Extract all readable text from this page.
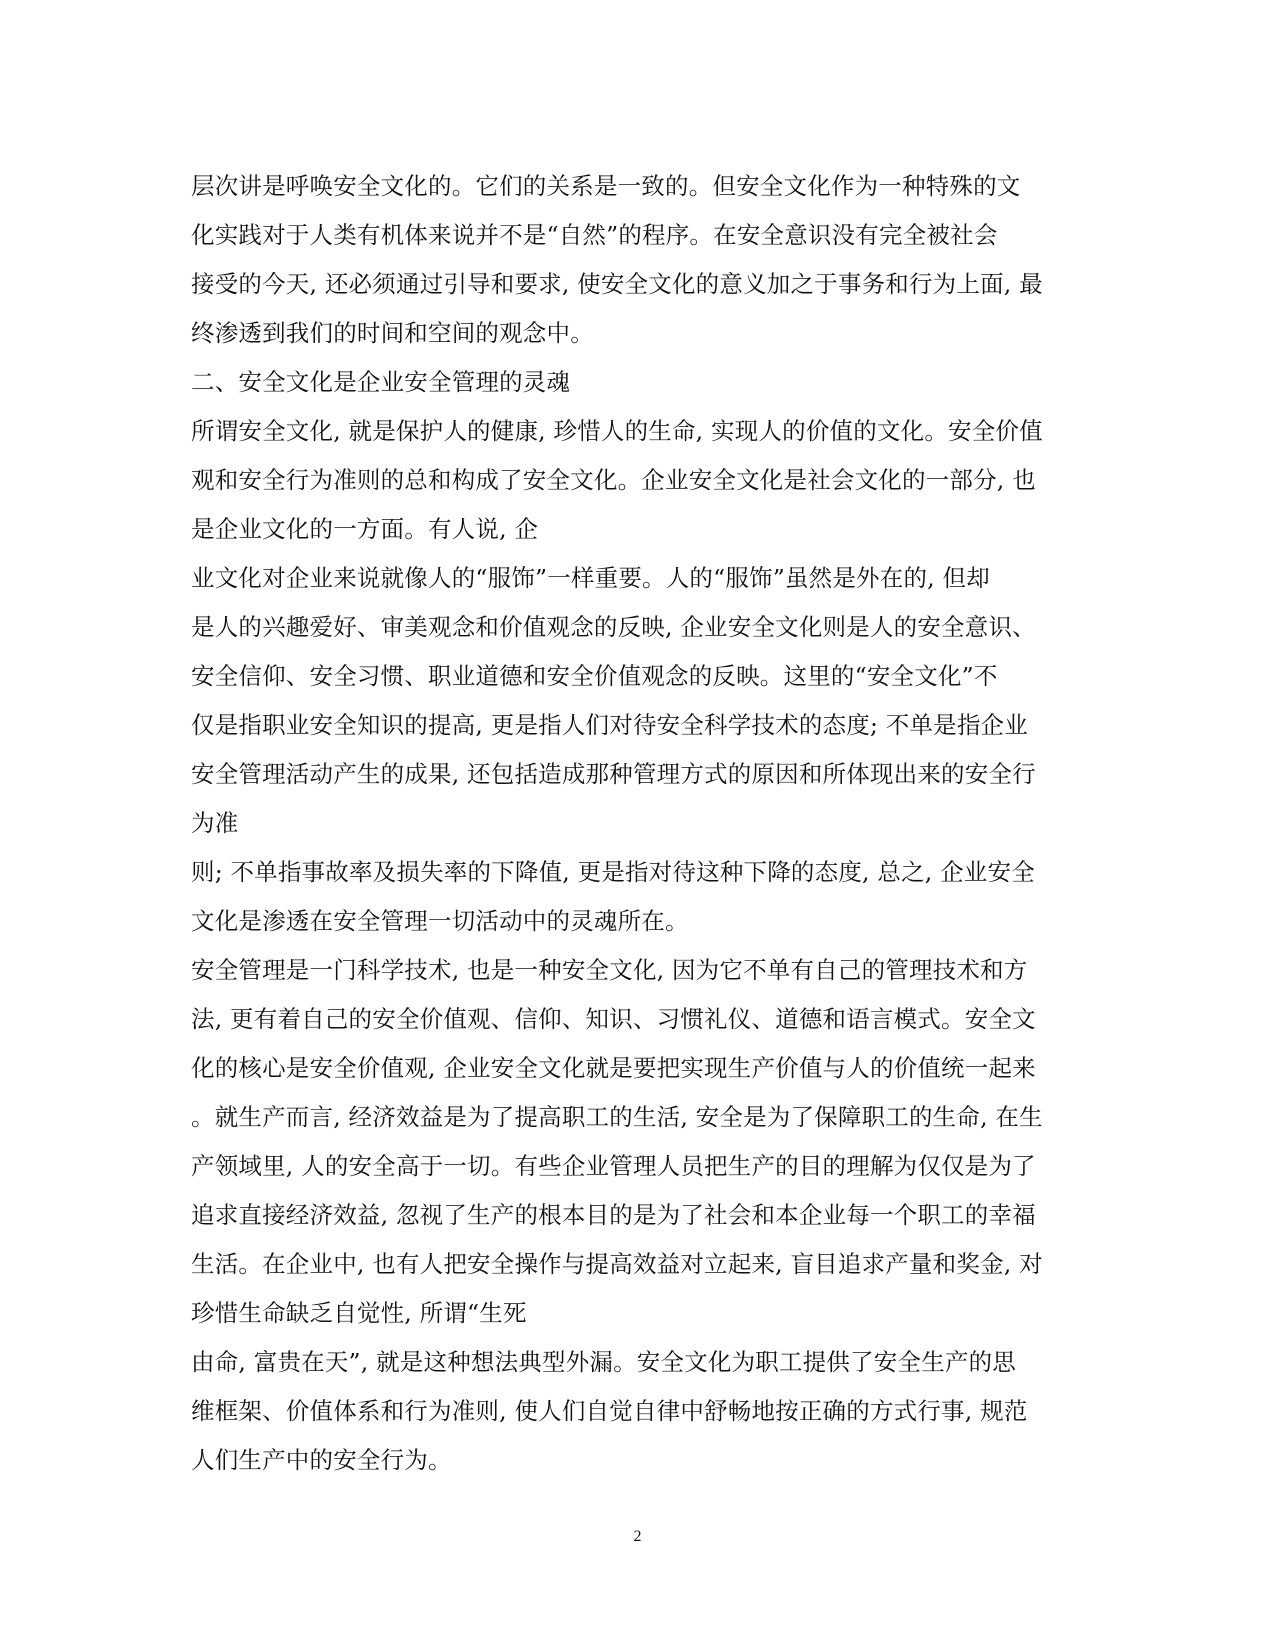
层次讲是呼唤安全文化的。它们的关系是一致的。但安全文化作为一种特殊的文
化实践对于人类有机体来说并不是“自然”的程序。在安全意识没有完全被社会
接受的今天, 还必须通过引导和要求, 使安全文化的意义加之于事务和行为上面, 最
终渗透到我们的时间和空间的观念中。
二、安全文化是企业安全管理的灵魂
所谓安全文化, 就是保护人的健康, 珍惜人的生命, 实现人的价值的文化。安全价值
观和安全行为准则的总和构成了安全文化。企业安全文化是社会文化的一部分, 也
是企业文化的一方面。有人说, 企
业文化对企业来说就像人的“服饰”一样重要。人的“服饰”虽然是外在的, 但却
是人的兴趣爱好、审美观念和价值观念的反映, 企业安全文化则是人的安全意识、
安全信仰、安全习惯、职业道德和安全价值观念的反映。这里的“安全文化”不
仅是指职业安全知识的提高, 更是指人们对待安全科学技术的态度; 不单是指企业
安全管理活动产生的成果, 还包括造成那种管理方式的原因和所体现出来的安全行
为准
则; 不单指事故率及损失率的下降值, 更是指对待这种下降的态度, 总之, 企业安全
文化是渗透在安全管理一切活动中的灵魂所在。
安全管理是一门科学技术, 也是一种安全文化, 因为它不单有自己的管理技术和方
法, 更有着自己的安全价值观、信仰、知识、习惯礼仪、道德和语言模式。安全文
化的核心是安全价值观, 企业安全文化就是要把实现生产价值与人的价值统一起来
。就生产而言, 经济效益是为了提高职工的生活, 安全是为了保障职工的生命, 在生
产领域里, 人的安全高于一切。有些企业管理人员把生产的目的理解为仅仅是为了
追求直接经济效益, 忽视了生产的根本目的是为了社会和本企业每一个职工的幸福
生活。在企业中, 也有人把安全操作与提高效益对立起来, 盲目追求产量和奖金, 对
珍惜生命缺乏自觉性, 所谓“生死
由命, 富贵在天”, 就是这种想法典型外漏。安全文化为职工提供了安全生产的思
维框架、价值体系和行为准则, 使人们自觉自律中舒畅地按正确的方式行事, 规范
人们生产中的安全行为。
2
